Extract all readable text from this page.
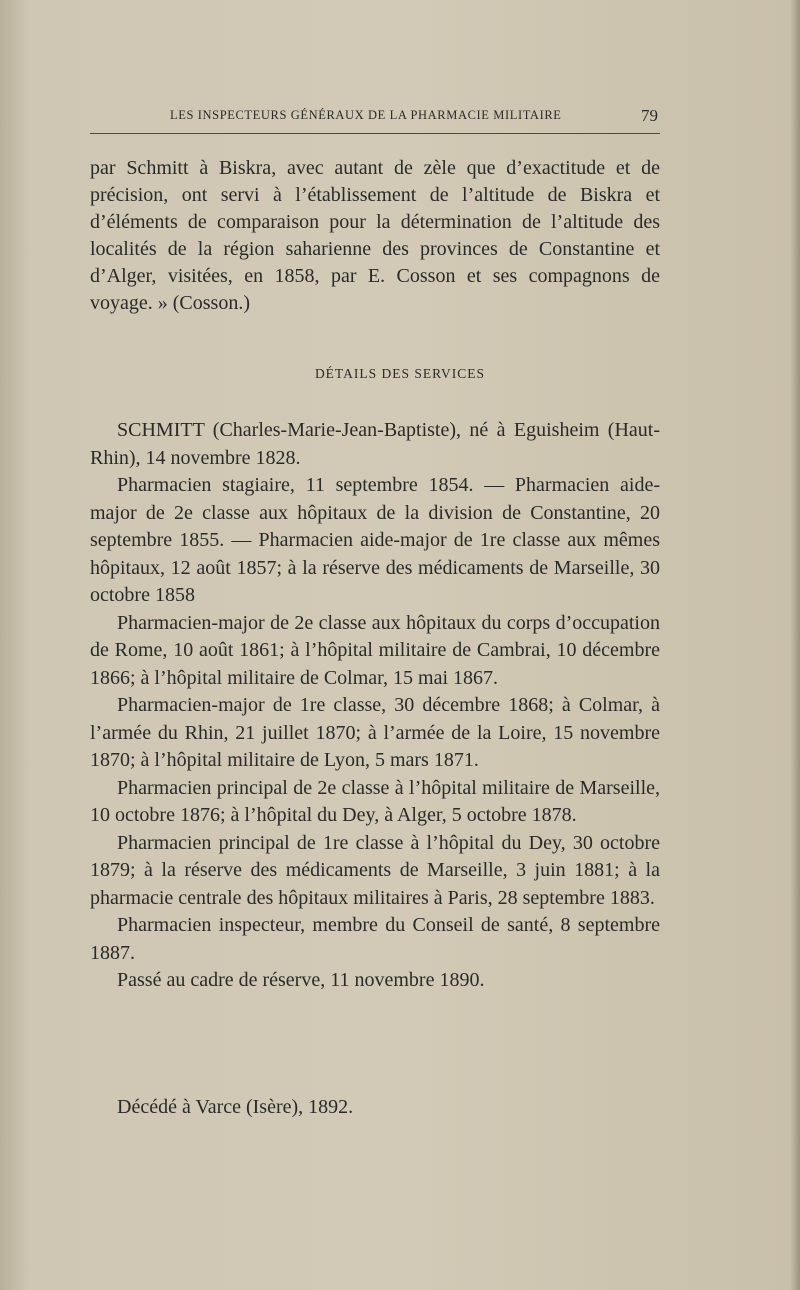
LES INSPECTEURS GÉNÉRAUX DE LA PHARMACIE MILITAIRE	79

par Schmitt à Biskra, avec autant de zèle que d’exactitude et de précision, ont servi à l’établissement de l’altitude de Biskra et d’éléments de comparaison pour la détermination de l’altitude des localités de la région saharienne des provinces de Constantine et d’Alger, visitées, en 1858, par E. Cosson et ses compagnons de voyage. » (Cosson.)

DÉTAILS DES SERVICES

SCHMITT (Charles-Marie-Jean-Baptiste), né à Eguisheim (Haut-Rhin), 14 novembre 1828.

Pharmacien stagiaire, 11 septembre 1854. — Pharmacien aide-major de 2e classe aux hôpitaux de la division de Constantine, 20 septembre 1855. — Pharmacien aide-major de 1re classe aux mêmes hôpitaux, 12 août 1857; à la réserve des médicaments de Marseille, 30 octobre 1858

Pharmacien-major de 2e classe aux hôpitaux du corps d’occupation de Rome, 10 août 1861; à l’hôpital militaire de Cambrai, 10 décembre 1866; à l’hôpital militaire de Colmar, 15 mai 1867.

Pharmacien-major de 1re classe, 30 décembre 1868; à Colmar, à l’armée du Rhin, 21 juillet 1870; à l’armée de la Loire, 15 novembre 1870; à l’hôpital militaire de Lyon, 5 mars 1871.

Pharmacien principal de 2e classe à l’hôpital militaire de Marseille, 10 octobre 1876; à l’hôpital du Dey, à Alger, 5 octobre 1878.

Pharmacien principal de 1re classe à l’hôpital du Dey, 30 octobre 1879; à la réserve des médicaments de Marseille, 3 juin 1881; à la pharmacie centrale des hôpitaux militaires à Paris, 28 septembre 1883.

Pharmacien inspecteur, membre du Conseil de santé, 8 septembre 1887.

Passé au cadre de réserve, 11 novembre 1890.

Décédé à Varce (Isère), 1892.
